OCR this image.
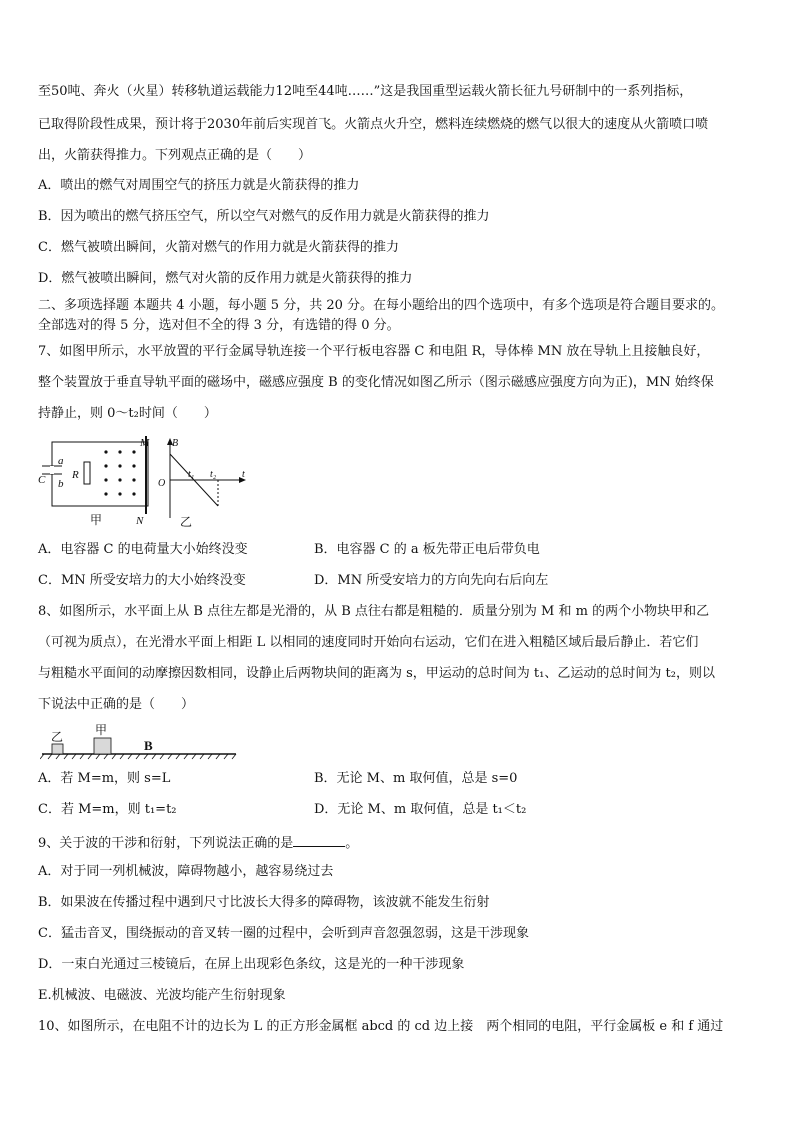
至50吨、奔火（火星）转移轨道运载能力12吨至44吨……”这是我国重型运载火箭长征九号研制中的一系列指标，
已取得阶段性成果，预计将于2030年前后实现首飞。火箭点火升空，燃料连续燃烧的燃气以很大的速度从火箭喷口喷
出，火箭获得推力。下列观点正确的是（　　）
A．喷出的燃气对周围空气的挤压力就是火箭获得的推力
B．因为喷出的燃气挤压空气，所以空气对燃气的反作用力就是火箭获得的推力
C．燃气被喷出瞬间，火箭对燃气的作用力就是火箭获得的推力
D．燃气被喷出瞬间，燃气对火箭的反作用力就是火箭获得的推力
二、多项选择题 本题共 4 小题，每小题 5 分，共 20 分。在每小题给出的四个选项中，有多个选项是符合题目要求的。
全部选对的得 5 分，选对但不全的得 3 分，有选错的得 0 分。
7、如图甲所示，水平放置的平行金属导轨连接一个平行板电容器 C 和电阻 R，导体棒 MN 放在导轨上且接触良好，
整个装置放于垂直导轨平面的磁场中，磁感应强度 B 的变化情况如图乙所示（图示磁感应强度方向为正)，MN 始终保
持静止，则 0～t₂时间（　　）
a
b
C R
M
N
甲
B
O
t₁ t₂	t
乙
A．电容器 C 的电荷量大小始终没变	B．电容器 C 的 a 板先带正电后带负电
C．MN 所受安培力的大小始终没变	D．MN 所受安培力的方向先向右后向左
8、如图所示，水平面上从 B 点往左都是光滑的，从 B 点往右都是粗糙的．质量分别为 M 和 m 的两个小物块甲和乙
（可视为质点），在光滑水平面上相距 L 以相同的速度同时开始向右运动，它们在进入粗糙区域后最后静止．若它们
与粗糙水平面间的动摩擦因数相同，设静止后两物块间的距离为 s，甲运动的总时间为 t₁、乙运动的总时间为 t₂，则以
下说法中正确的是（　　）
乙	甲
B
A．若 M=m，则 s=L	B．无论 M、m 取何值，总是 s=0
C．若 M=m，则 t₁=t₂	D．无论 M、m 取何值，总是 t₁＜t₂
9、关于波的干涉和衍射，下列说法正确的是	。
A．对于同一列机械波，障碍物越小，越容易绕过去
B．如果波在传播过程中遇到尺寸比波长大得多的障碍物，该波就不能发生衍射
C．猛击音叉，围绕振动的音叉转一圈的过程中，会听到声音忽强忽弱，这是干涉现象
D．一束白光通过三棱镜后，在屏上出现彩色条纹，这是光的一种干涉现象
E.机械波、电磁波、光波均能产生衍射现象
10、如图所示，在电阻不计的边长为 L 的正方形金属框 abcd 的 cd 边上接　两个相同的电阻，平行金属板 e 和 f 通过
